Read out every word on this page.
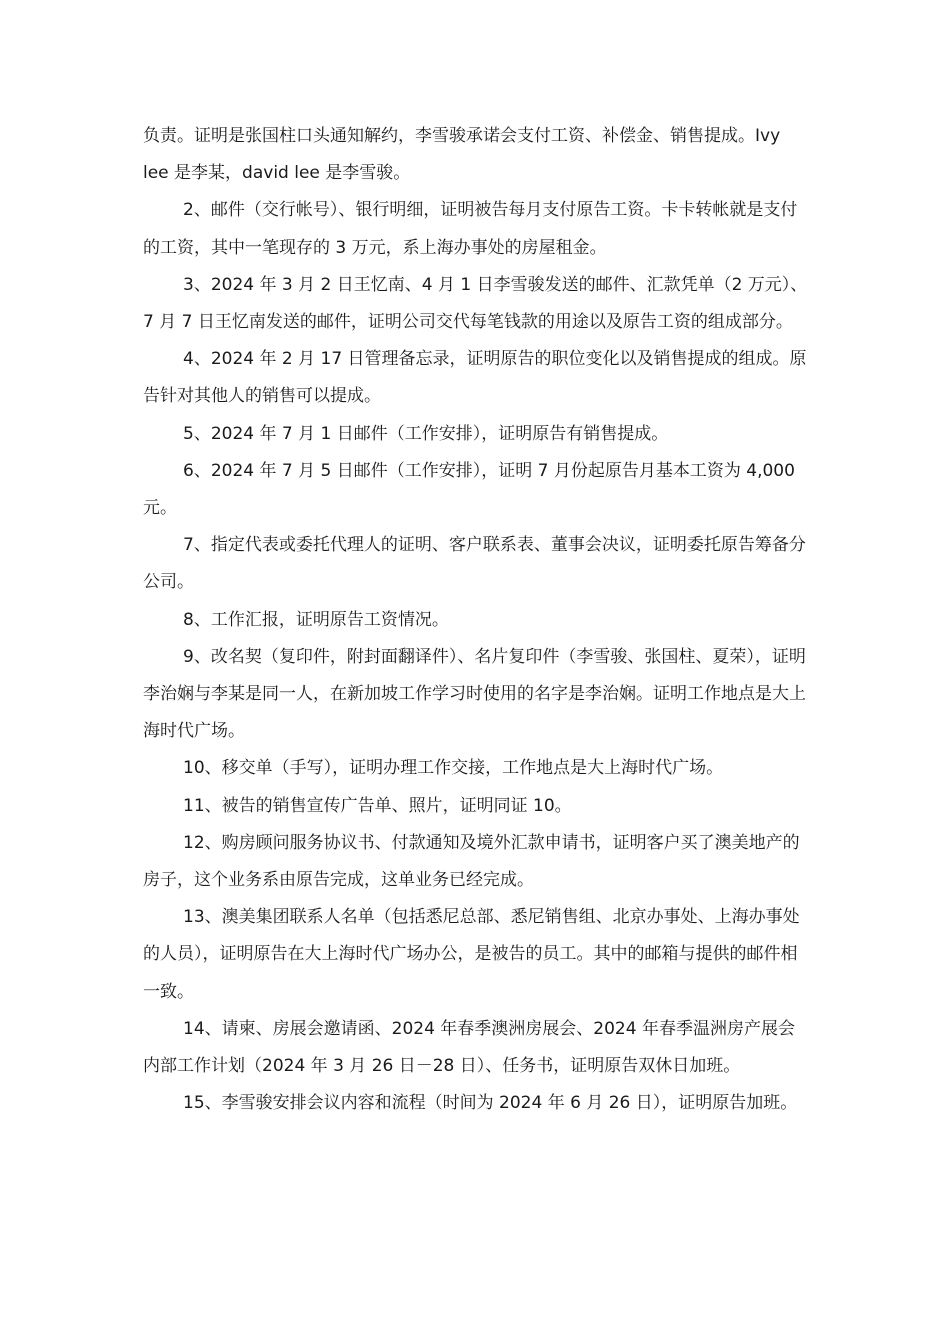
负责。证明是张国柱口头通知解约，李雪骏承诺会支付工资、补偿金、销售提成。Ivy lee 是李某，david lee 是李雪骏。

2、邮件（交行帐号）、银行明细，证明被告每月支付原告工资。卡卡转帐就是支付的工资，其中一笔现存的 3 万元，系上海办事处的房屋租金。

3、2024 年 3 月 2 日王忆南、4 月 1 日李雪骏发送的邮件、汇款凭单（2 万元）、7 月 7 日王忆南发送的邮件，证明公司交代每笔钱款的用途以及原告工资的组成部分。

4、2024 年 2 月 17 日管理备忘录，证明原告的职位变化以及销售提成的组成。原告针对其他人的销售可以提成。

5、2024 年 7 月 1 日邮件（工作安排），证明原告有销售提成。

6、2024 年 7 月 5 日邮件（工作安排），证明 7 月份起原告月基本工资为 4,000 元。

7、指定代表或委托代理人的证明、客户联系表、董事会决议，证明委托原告筹备分公司。

8、工作汇报，证明原告工资情况。

9、改名契（复印件，附封面翻译件）、名片复印件（李雪骏、张国柱、夏荣），证明李治娴与李某是同一人，在新加坡工作学习时使用的名字是李治娴。证明工作地点是大上海时代广场。

10、移交单（手写），证明办理工作交接，工作地点是大上海时代广场。

11、被告的销售宣传广告单、照片，证明同证 10。

12、购房顾问服务协议书、付款通知及境外汇款申请书，证明客户买了澳美地产的房子，这个业务系由原告完成，这单业务已经完成。

13、澳美集团联系人名单（包括悉尼总部、悉尼销售组、北京办事处、上海办事处的人员），证明原告在大上海时代广场办公，是被告的员工。其中的邮箱与提供的邮件相一致。

14、请柬、房展会邀请函、2024 年春季澳洲房展会、2024 年春季温洲房产展会内部工作计划（2024 年 3 月 26 日－28 日）、任务书，证明原告双休日加班。

15、李雪骏安排会议内容和流程（时间为 2024 年 6 月 26 日），证明原告加班。
